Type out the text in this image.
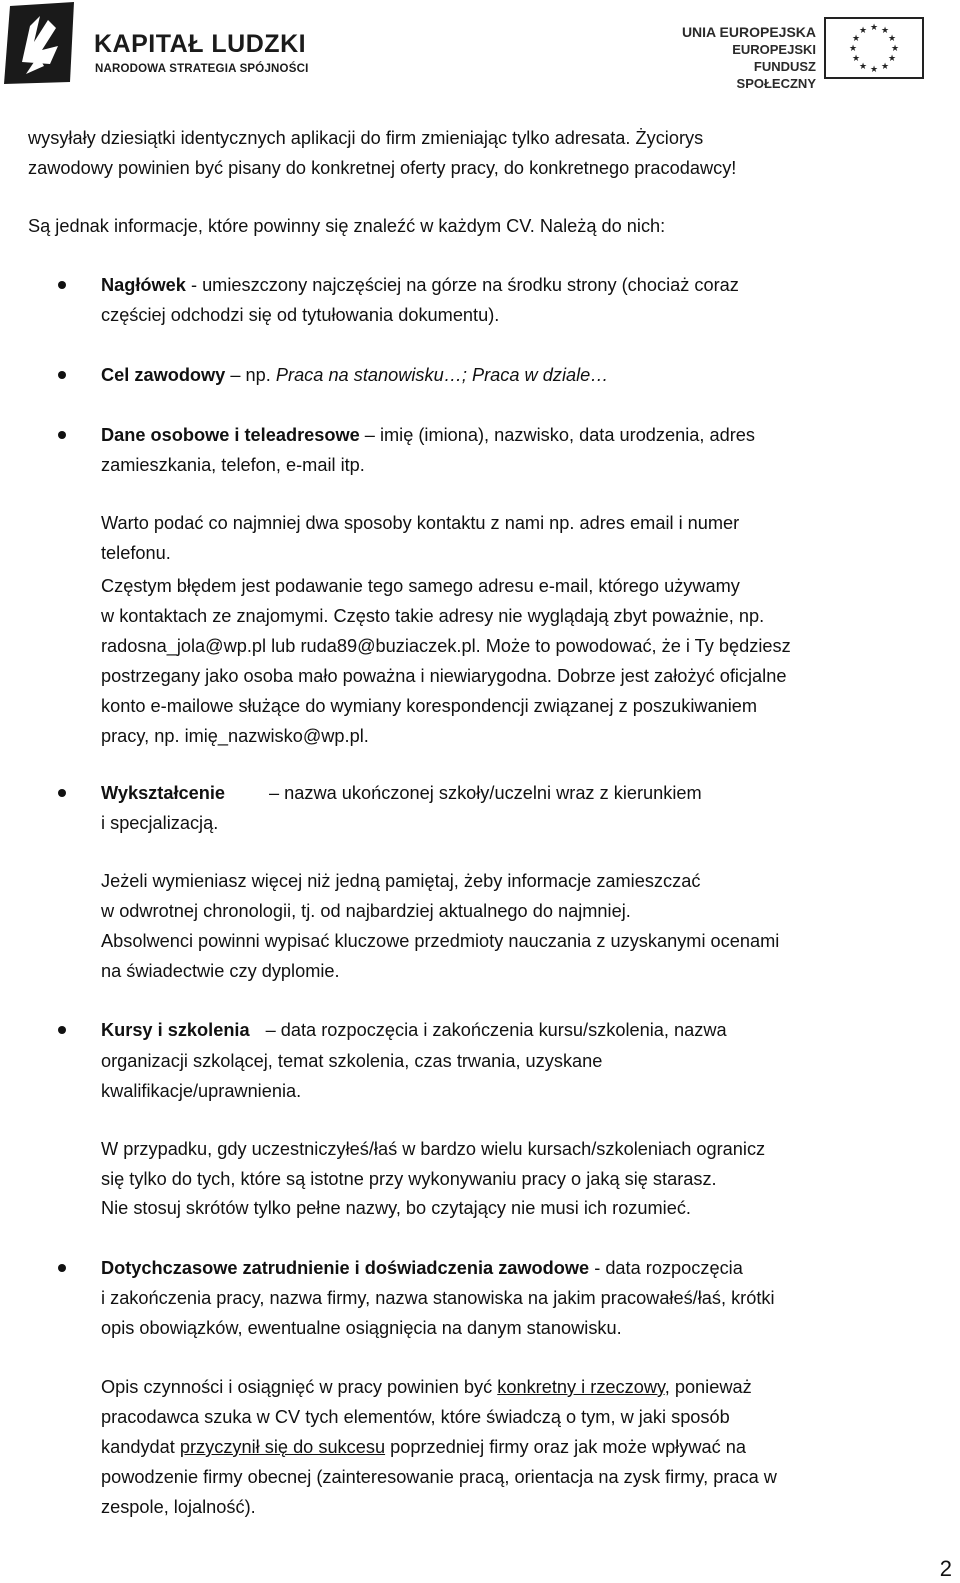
KAPITAŁ LUDZKI
NARODOWA STRATEGIA SPÓJNOŚCI
UNIA EUROPEJSKA
EUROPEJSKI
FUNDUSZ SPOŁECZNY
★ ★
★
★
★
★
★
★
★
★
★
★

wysyłały dziesiątki identycznych aplikacji do firm zmieniając tylko adresata. Życiorys

zawodowy powinien być pisany do konkretnej oferty pracy, do konkretnego pracodawcy!

Są jednak informacje, które powinny się znaleźć w każdym CV. Należą do nich:

Nagłówek - umieszczony najczęściej na górze na środku strony (chociaż coraz

częściej odchodzi się od tytułowania dokumentu).

Cel zawodowy – np. Praca na stanowisku…; Praca w dziale…

Dane osobowe i teleadresowe – imię (imiona), nazwisko, data urodzenia, adres

zamieszkania, telefon, e-mail itp.

Warto podać co najmniej dwa sposoby kontaktu z nami np. adres email i numer

telefonu.

Częstym błędem jest podawanie tego samego adresu e-mail, którego używamy

w kontaktach ze znajomymi. Często takie adresy nie wyglądają zbyt poważnie, np.

radosna_jola@wp.pl lub ruda89@buziaczek.pl. Może to powodować, że i Ty będziesz

postrzegany jako osoba mało poważna i niewiarygodna. Dobrze jest założyć oficjalne

konto e-mailowe służące do wymiany korespondencji związanej z poszukiwaniem

pracy, np. imię_nazwisko@wp.pl.

Wykształcenie – nazwa ukończonej szkoły/uczelni wraz z kierunkiem

i specjalizacją.

Jeżeli wymieniasz więcej niż jedną pamiętaj, żeby informacje zamieszczać

w odwrotnej chronologii, tj. od najbardziej aktualnego do najmniej.

Absolwenci powinni wypisać kluczowe przedmioty nauczania z uzyskanymi ocenami

na świadectwie czy dyplomie.

Kursy i szkolenia – data rozpoczęcia i zakończenia kursu/szkolenia, nazwa

organizacji szkolącej, temat szkolenia, czas trwania, uzyskane

kwalifikacje/uprawnienia.

W przypadku, gdy uczestniczyłeś/łaś w bardzo wielu kursach/szkoleniach ogranicz

się tylko do tych, które są istotne przy wykonywaniu pracy o jaką się starasz.

Nie stosuj skrótów tylko pełne nazwy, bo czytający nie musi ich rozumieć.

Dotychczasowe zatrudnienie i doświadczenia zawodowe - data rozpoczęcia

i zakończenia pracy, nazwa firmy, nazwa stanowiska na jakim pracowałeś/łaś, krótki

opis obowiązków, ewentualne osiągnięcia na danym stanowisku.

Opis czynności i osiągnięć w pracy powinien być konkretny i rzeczowy, ponieważ

pracodawca szuka w CV tych elementów, które świadczą o tym, w jaki sposób

kandydat przyczynił się do sukcesu poprzedniej firmy oraz jak może wpływać na

powodzenie firmy obecnej (zainteresowanie pracą, orientacja na zysk firmy, praca w

zespole, lojalność).

2
